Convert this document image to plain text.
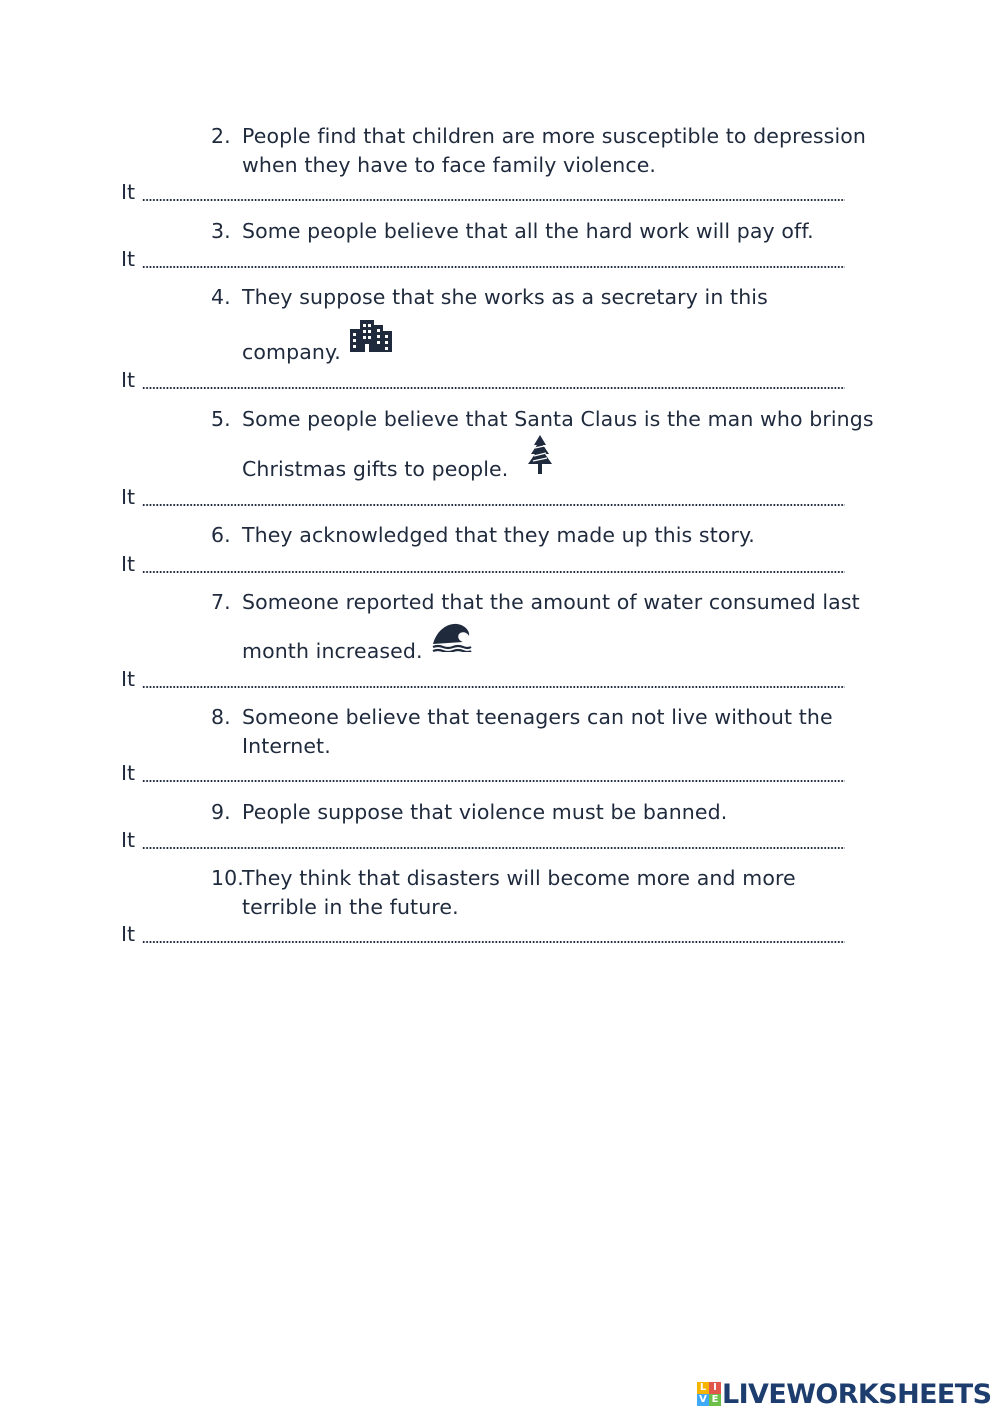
2. People find that children are more susceptible to depression
when they have to face family violence.
It
3. Some people believe that all the hard work will pay off.
It
4. They suppose that she works as a secretary in this

company.
It
5. Some people believe that Santa Claus is the man who brings
Christmas gifts to people.
It
6. They acknowledged that they made up this story.
It
7. Someone reported that the amount of water consumed last
month increased.
It
8. Someone believe that teenagers can not live without the
Internet.
It
9. People suppose that violence must be banned.
It
10.
They think that disasters will become more and more
terrible in the future.
It
L I
V E LIVEWORKSHEETS
